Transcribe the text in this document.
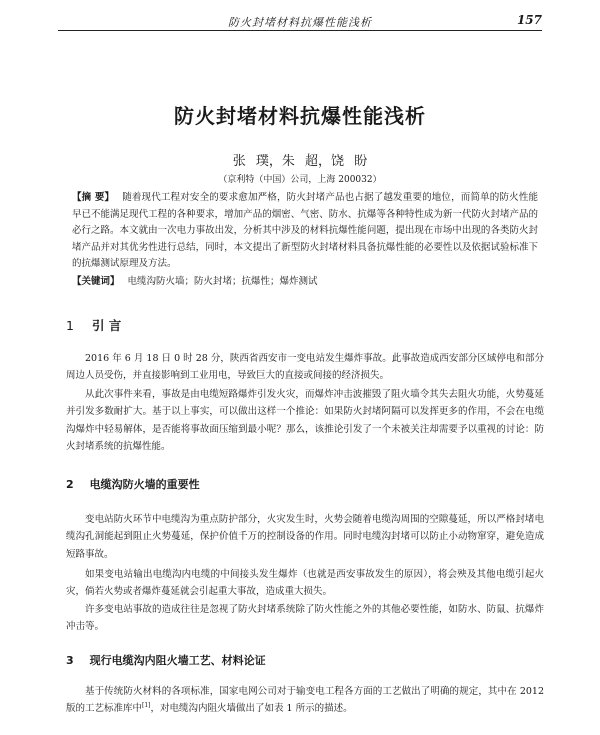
防火封堵材料抗爆性能浅析	157
防火封堵材料抗爆性能浅析
张 璞，朱 超，饶 盼
（京利特（中国）公司，上海 200032）
【摘 要】 随着现代工程对安全的要求愈加严格，防火封堵产品也占据了越发重要的地位，而简单的防火性能早已不能满足现代工程的各种要求，增加产品的烟密、气密、防水、抗爆等各种特性成为新一代防火封堵产品的必行之路。本文就由一次电力事故出发，分析其中涉及的材料抗爆性能问题，提出现在市场中出现的各类防火封堵产品并对其优劣性进行总结，同时，本文提出了新型防火封堵材料具备抗爆性能的必要性以及依据试验标准下的抗爆测试原理及方法。
【关键词】 电缆沟防火墙；防火封堵；抗爆性；爆炸测试
1 引 言

2016 年 6 月 18 日 0 时 28 分，陕西省西安市一变电站发生爆炸事故。此事故造成西安部分区域停电和部分周边人员受伤，并直接影响到工业用电，导致巨大的直接或间接的经济损失。

从此次事件来看，事故是由电缆短路爆炸引发火灾，而爆炸冲击波摧毁了阻火墙令其失去阻火功能，火势蔓延并引发多数耐扩大。基于以上事实，可以做出这样一个推论：如果防火封堵阿隔可以发挥更多的作用，不会在电缆沟爆炸中轻易解体，是否能将事故面压缩到最小呢？那么，该推论引发了一个未被关注却需要予以重视的讨论：防火封堵系统的抗爆性能。

2 电缆沟防火墙的重要性

变电站防火环节中电缆沟为重点防护部分，火灾发生时，火势会随着电缆沟周围的空隙蔓延，所以严格封堵电缆沟孔洞能起到阻止火势蔓延，保护价值千万的控制设备的作用。同时电缆沟封堵可以防止小动物窜穿，避免造成短路事故。

如果变电站输出电缆沟内电缆的中间接头发生爆炸（也就是西安事故发生的原因），将会殃及其他电缆引起火灾，倘若火势或者爆炸蔓延就会引起重大事故，造成重大损失。

许多变电站事故的造成往往是忽视了防火封堵系统除了防火性能之外的其他必要性能，如防水、防鼠、抗爆炸冲击等。

3 现行电缆沟内阻火墙工艺、材料论证

基于传统防火材料的各项标准，国家电网公司对于输变电工程各方面的工艺做出了明确的规定，其中在 2012 版的工艺标准库中[1]，对电缆沟内阻火墙做出了如表 1 所示的描述。
